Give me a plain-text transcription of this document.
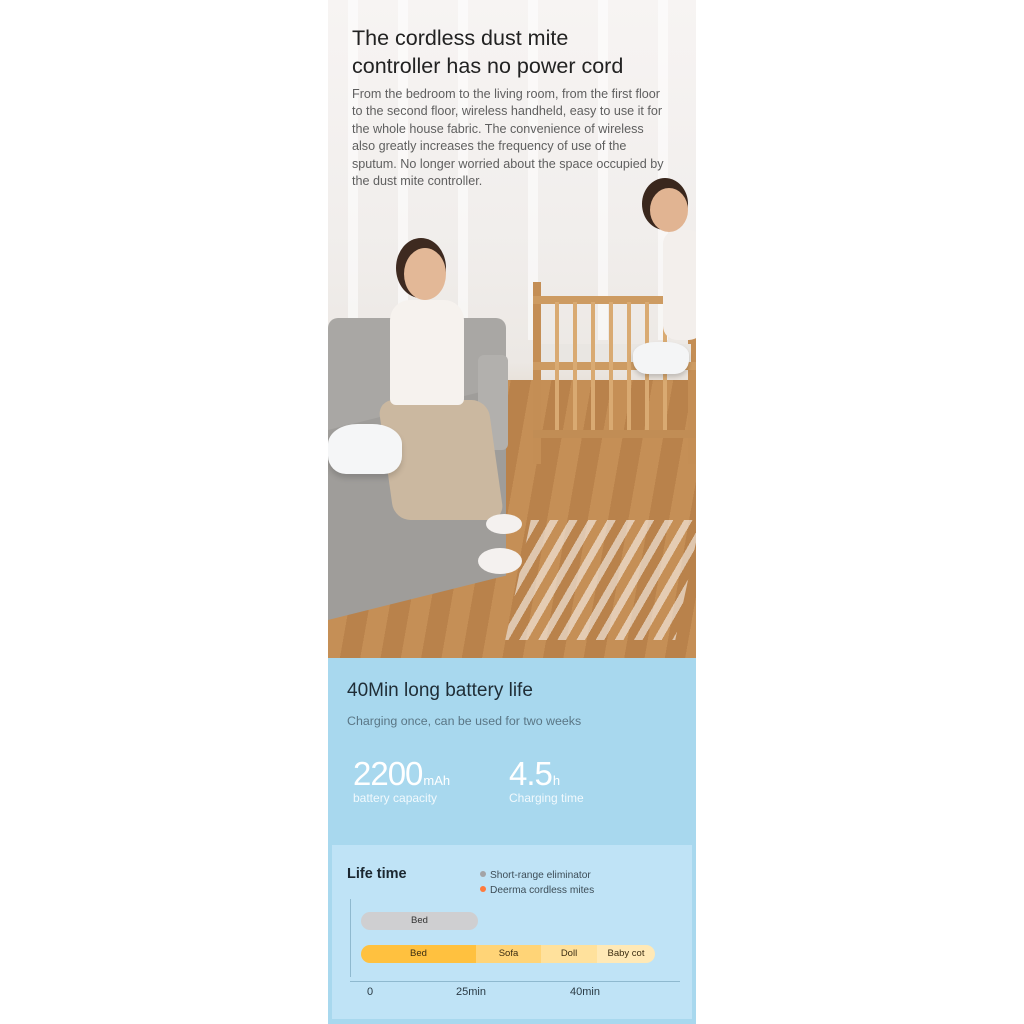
The cordless dust mite
controller has no power cord

From the bedroom to the living room, from the first floor to the second floor, wireless handheld, easy to use it for the whole house fabric. The convenience of wireless also greatly increases the frequency of use of the sputum. No longer worried about the space occupied by the dust mite controller.

40Min long battery life
Charging once, can be used for two weeks
2200mAh
battery capacity
4.5h
Charging time
Life time	Short-range eliminator
Deerma cordless mites
Bed
Bed	Sofa	Doll	Baby cot
0	25min	40min
